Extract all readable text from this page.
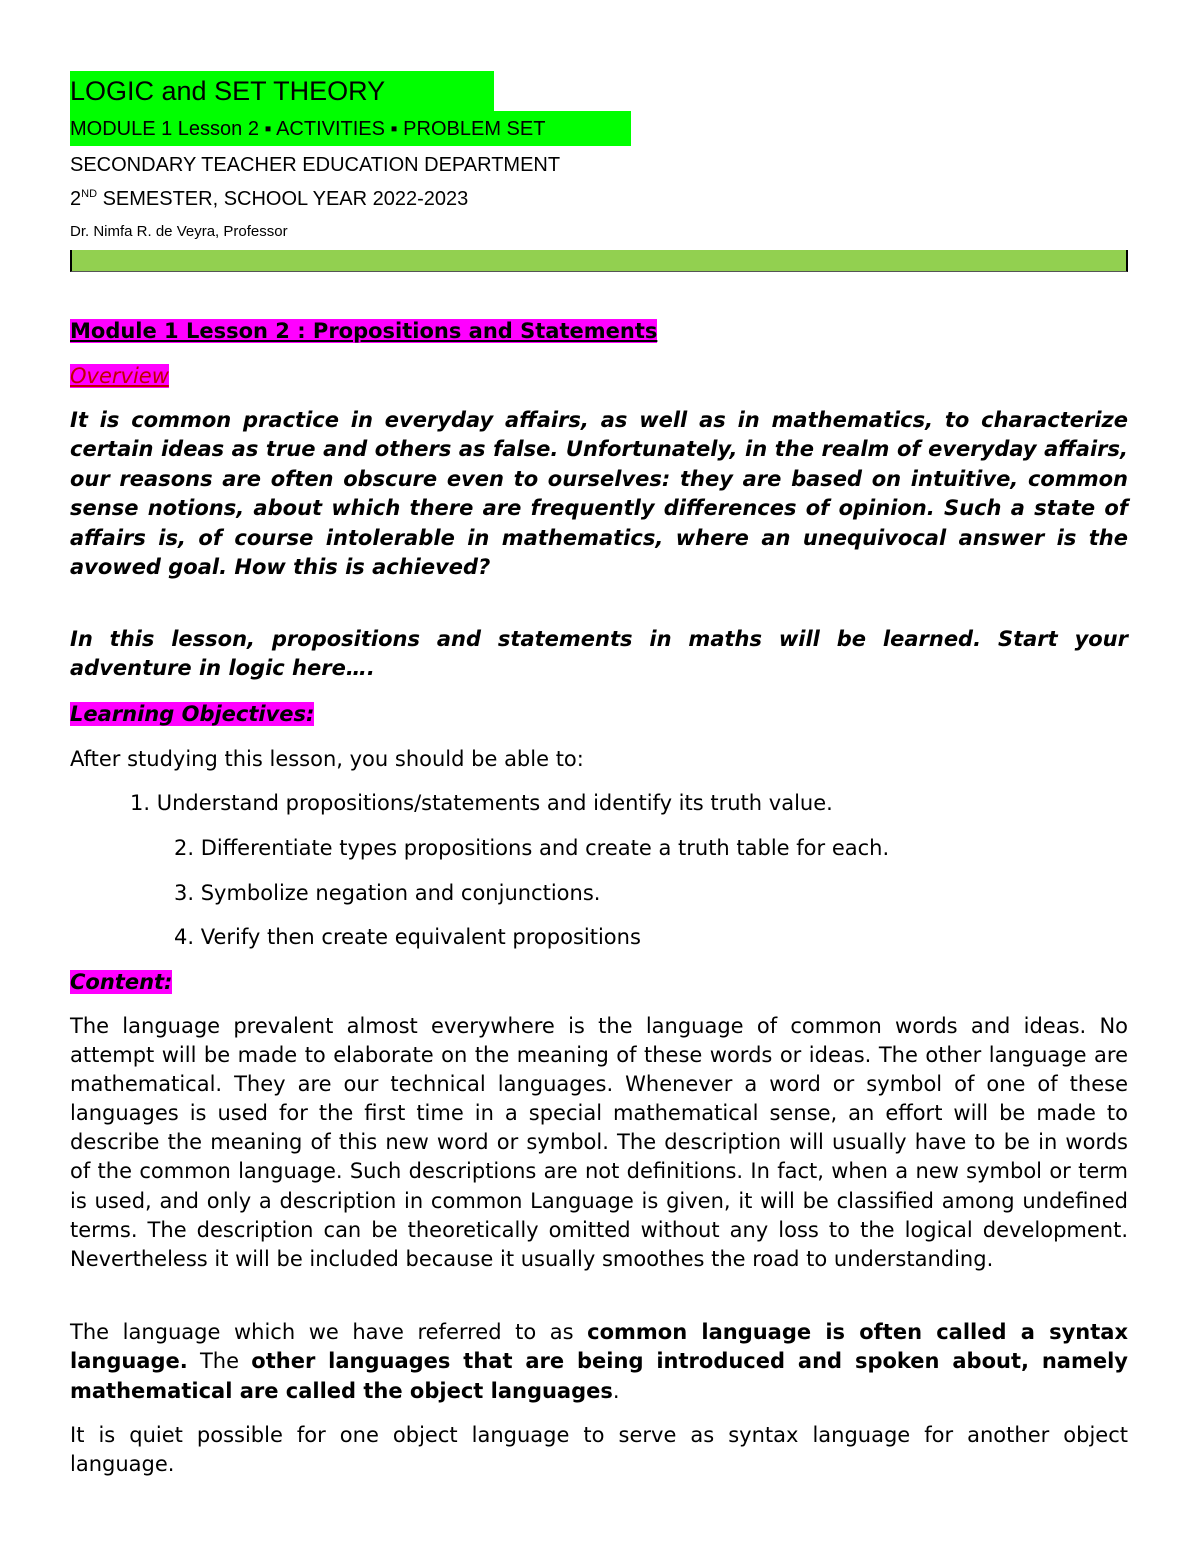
LOGIC and SET THEORY
MODULE 1 Lesson 2 ▪ ACTIVITIES ▪ PROBLEM SET
SECONDARY TEACHER EDUCATION DEPARTMENT
2ND SEMESTER, SCHOOL YEAR 2022-2023
Dr. Nimfa R. de Veyra, Professor

Module 1 Lesson 2 : Propositions and Statements

Overview

It is common practice in everyday affairs, as well as in mathematics, to characterize certain ideas as true and others as false. Unfortunately, in the realm of everyday affairs, our reasons are often obscure even to ourselves: they are based on intuitive, common sense notions, about which there are frequently differences of opinion. Such a state of affairs is, of course intolerable in mathematics, where an unequivocal answer is the avowed goal. How this is achieved?

In this lesson, propositions and statements in maths will be learned. Start your adventure in logic here….

Learning Objectives:

After studying this lesson, you should be able to:

1. Understand propositions/statements and identify its truth value.

2. Differentiate types propositions and create a truth table for each.

3. Symbolize negation and conjunctions.

4. Verify then create equivalent propositions

Content:

The language prevalent almost everywhere is the language of common words and ideas. No attempt will be made to elaborate on the meaning of these words or ideas. The other language are mathematical. They are our technical languages. Whenever a word or symbol of one of these languages is used for the first time in a special mathematical sense, an effort will be made to describe the meaning of this new word or symbol. The description will usually have to be in words of the common language. Such descriptions are not definitions. In fact, when a new symbol or term is used, and only a description in common Language is given, it will be classified among undefined terms. The description can be theoretically omitted without any loss to the logical development. Nevertheless it will be included because it usually smoothes the road to understanding.

The language which we have referred to as common language is often called a syntax language. The other languages that are being introduced and spoken about, namely mathematical are called the object languages.

It is quiet possible for one object language to serve as syntax language for another object language.
